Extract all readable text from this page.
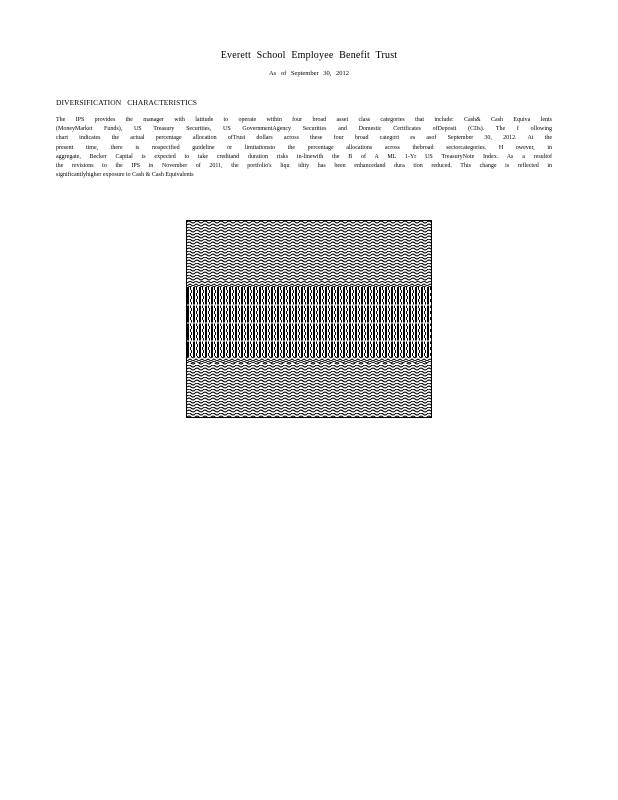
Everett School Employee Benefit Trust
As of September 30, 2012
DIVERSIFICATION CHARACTERISTICS
The IPS provides the manager with latitude to operate within four broad asset class categories that include: Cash& Cash Equiva lents
(MoneyMarket Funds), US Treasury Securities, US GovernmentAgency Securities and Domestic Certificates ofDeposit (CDs). The f ollowing
chart indicates the actual percentage allocation ofTrust dollars across these four broad categori es asof September 30, 2012. At the
present time, there is nospecified guideline or limitationsto the percentage allocations across thebroad sectorcategories. H owever, in
aggregate, Becker Capital is expected to take creditand duration risks in-linewith the B of A ML 1-Yr US TreasuryNote Index. As a resultof
the revisions to the IPS in November of 2011, the portfolio's liqu idity has been enhancedand dura tion reduced. This change is reflected in
significantlyhigher exposure to Cash & Cash Equivalents
